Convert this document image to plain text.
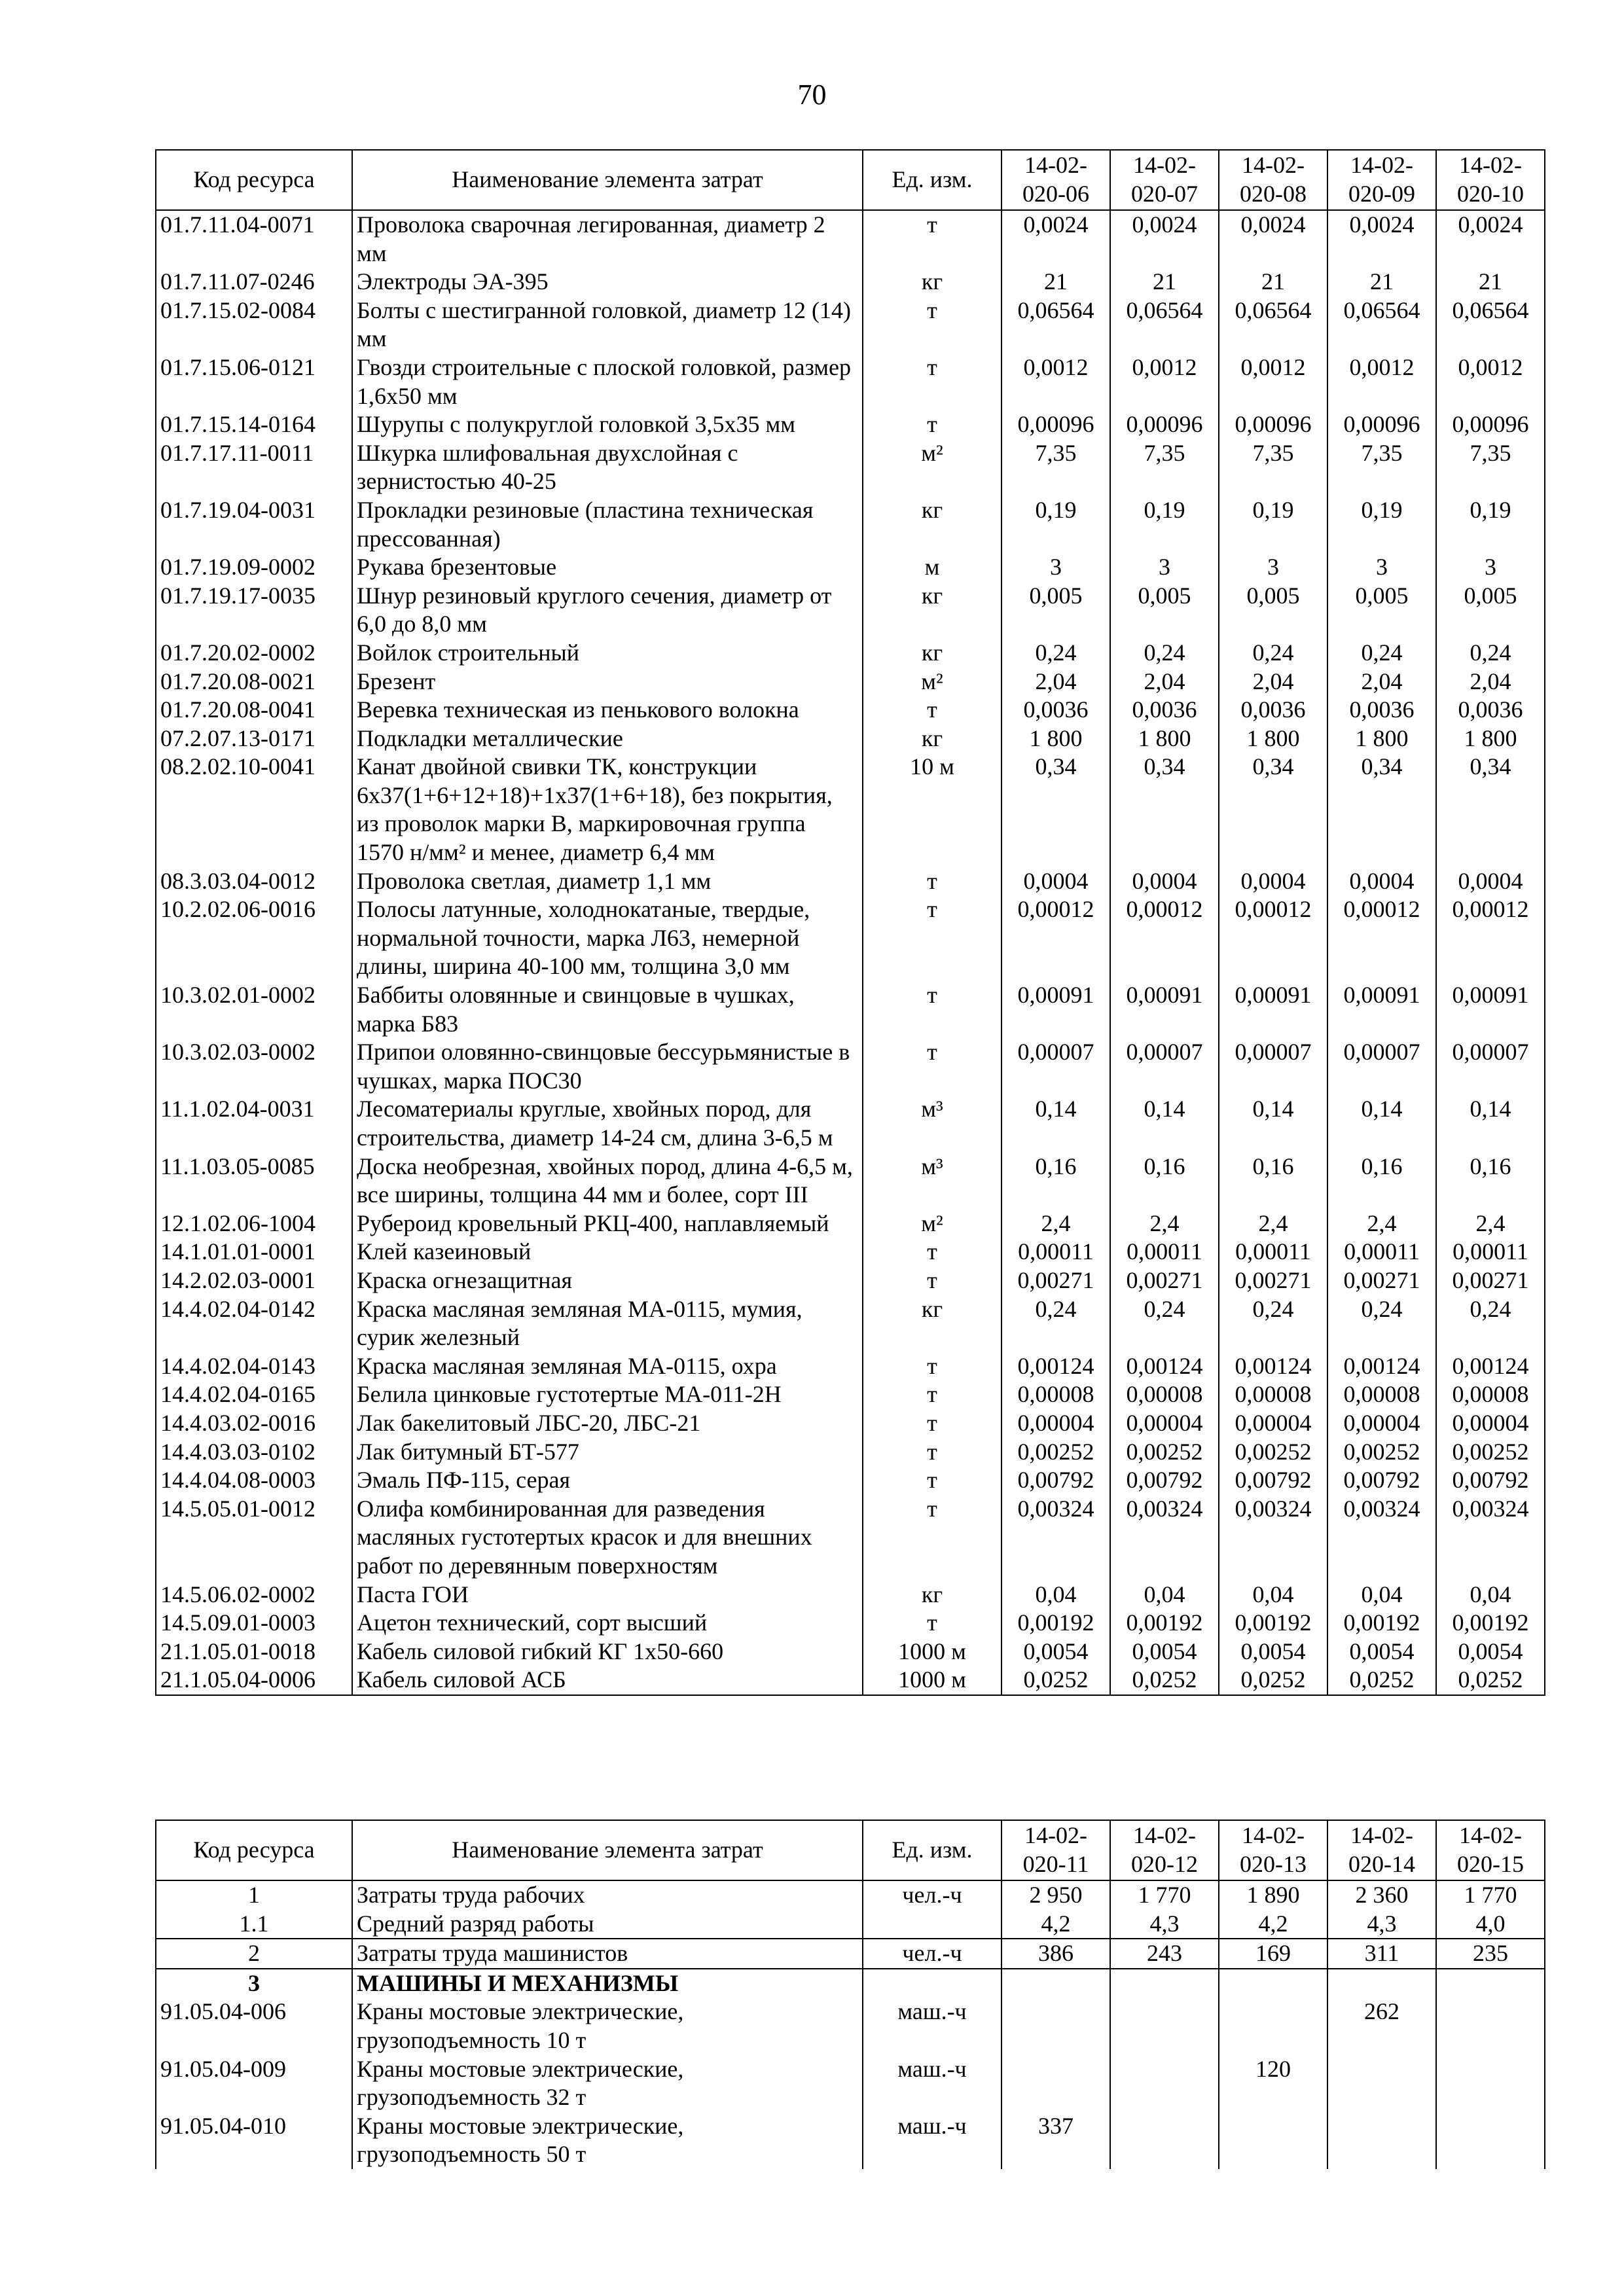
70
Код ресурса	Наименование элемента затрат	Ед. изм.	14-02-020-06	14-02-020-07	14-02-020-08	14-02-020-09	14-02-020-10
01.7.11.04-0071	Проволока сварочная легированная, диаметр 2 мм	т	0,0024	0,0024	0,0024	0,0024	0,0024
01.7.11.07-0246	Электроды ЭА-395	кг	21	21	21	21	21
01.7.15.02-0084	Болты с шестигранной головкой, диаметр 12 (14) мм	т	0,06564	0,06564	0,06564	0,06564	0,06564
01.7.15.06-0121	Гвозди строительные с плоской головкой, размер 1,6х50 мм	т	0,0012	0,0012	0,0012	0,0012	0,0012
01.7.15.14-0164	Шурупы с полукруглой головкой 3,5х35 мм	т	0,00096	0,00096	0,00096	0,00096	0,00096
01.7.17.11-0011	Шкурка шлифовальная двухслойная с зернистостью 40-25	м²	7,35	7,35	7,35	7,35	7,35
01.7.19.04-0031	Прокладки резиновые (пластина техническая прессованная)	кг	0,19	0,19	0,19	0,19	0,19
01.7.19.09-0002	Рукава брезентовые	м	3	3	3	3	3
01.7.19.17-0035	Шнур резиновый круглого сечения, диаметр от 6,0 до 8,0 мм	кг	0,005	0,005	0,005	0,005	0,005
01.7.20.02-0002	Войлок строительный	кг	0,24	0,24	0,24	0,24	0,24
01.7.20.08-0021	Брезент	м²	2,04	2,04	2,04	2,04	2,04
01.7.20.08-0041	Веревка техническая из пенькового волокна	т	0,0036	0,0036	0,0036	0,0036	0,0036
07.2.07.13-0171	Подкладки металлические	кг	1 800	1 800	1 800	1 800	1 800
08.2.02.10-0041	Канат двойной свивки ТК, конструкции 6х37(1+6+12+18)+1х37(1+6+18), без покрытия, из проволок марки В, маркировочная группа 1570 н/мм² и менее, диаметр 6,4 мм	10 м	0,34	0,34	0,34	0,34	0,34
08.3.03.04-0012	Проволока светлая, диаметр 1,1 мм	т	0,0004	0,0004	0,0004	0,0004	0,0004
10.2.02.06-0016	Полосы латунные, холоднокатаные, твердые, нормальной точности, марка Л63, немерной длины, ширина 40-100 мм, толщина 3,0 мм	т	0,00012	0,00012	0,00012	0,00012	0,00012
10.3.02.01-0002	Баббиты оловянные и свинцовые в чушках, марка Б83	т	0,00091	0,00091	0,00091	0,00091	0,00091
10.3.02.03-0002	Припои оловянно-свинцовые бессурьмянистые в чушках, марка ПОС30	т	0,00007	0,00007	0,00007	0,00007	0,00007
11.1.02.04-0031	Лесоматериалы круглые, хвойных пород, для строительства, диаметр 14-24 см, длина 3-6,5 м	м³	0,14	0,14	0,14	0,14	0,14
11.1.03.05-0085	Доска необрезная, хвойных пород, длина 4-6,5 м, все ширины, толщина 44 мм и более, сорт III	м³	0,16	0,16	0,16	0,16	0,16
12.1.02.06-1004	Рубероид кровельный РКЦ-400, наплавляемый	м²	2,4	2,4	2,4	2,4	2,4
14.1.01.01-0001	Клей казеиновый	т	0,00011	0,00011	0,00011	0,00011	0,00011
14.2.02.03-0001	Краска огнезащитная	т	0,00271	0,00271	0,00271	0,00271	0,00271
14.4.02.04-0142	Краска масляная земляная МА-0115, мумия, сурик железный	кг	0,24	0,24	0,24	0,24	0,24
14.4.02.04-0143	Краска масляная земляная МА-0115, охра	т	0,00124	0,00124	0,00124	0,00124	0,00124
14.4.02.04-0165	Белила цинковые густотертые МА-011-2Н	т	0,00008	0,00008	0,00008	0,00008	0,00008
14.4.03.02-0016	Лак бакелитовый ЛБС-20, ЛБС-21	т	0,00004	0,00004	0,00004	0,00004	0,00004
14.4.03.03-0102	Лак битумный БТ-577	т	0,00252	0,00252	0,00252	0,00252	0,00252
14.4.04.08-0003	Эмаль ПФ-115, серая	т	0,00792	0,00792	0,00792	0,00792	0,00792
14.5.05.01-0012	Олифа комбинированная для разведения масляных густотертых красок и для внешних работ по деревянным поверхностям	т	0,00324	0,00324	0,00324	0,00324	0,00324
14.5.06.02-0002	Паста ГОИ	кг	0,04	0,04	0,04	0,04	0,04
14.5.09.01-0003	Ацетон технический, сорт высший	т	0,00192	0,00192	0,00192	0,00192	0,00192
21.1.05.01-0018	Кабель силовой гибкий КГ 1х50-660	1000 м	0,0054	0,0054	0,0054	0,0054	0,0054
21.1.05.04-0006	Кабель силовой АСБ	1000 м	0,0252	0,0252	0,0252	0,0252	0,0252
Код ресурса	Наименование элемента затрат	Ед. изм.	14-02-020-11	14-02-020-12	14-02-020-13	14-02-020-14	14-02-020-15
1	Затраты труда рабочих	чел.-ч	2 950	1 770	1 890	2 360	1 770
1.1	Средний разряд работы		4,2	4,3	4,2	4,3	4,0
2	Затраты труда машинистов	чел.-ч	386	243	169	311	235
3	МАШИНЫ И МЕХАНИЗМЫ						
91.05.04-006	Краны мостовые электрические, грузоподъемность 10 т	маш.-ч				262	
91.05.04-009	Краны мостовые электрические, грузоподъемность 32 т	маш.-ч			120		
91.05.04-010	Краны мостовые электрические, грузоподъемность 50 т	маш.-ч	337				
